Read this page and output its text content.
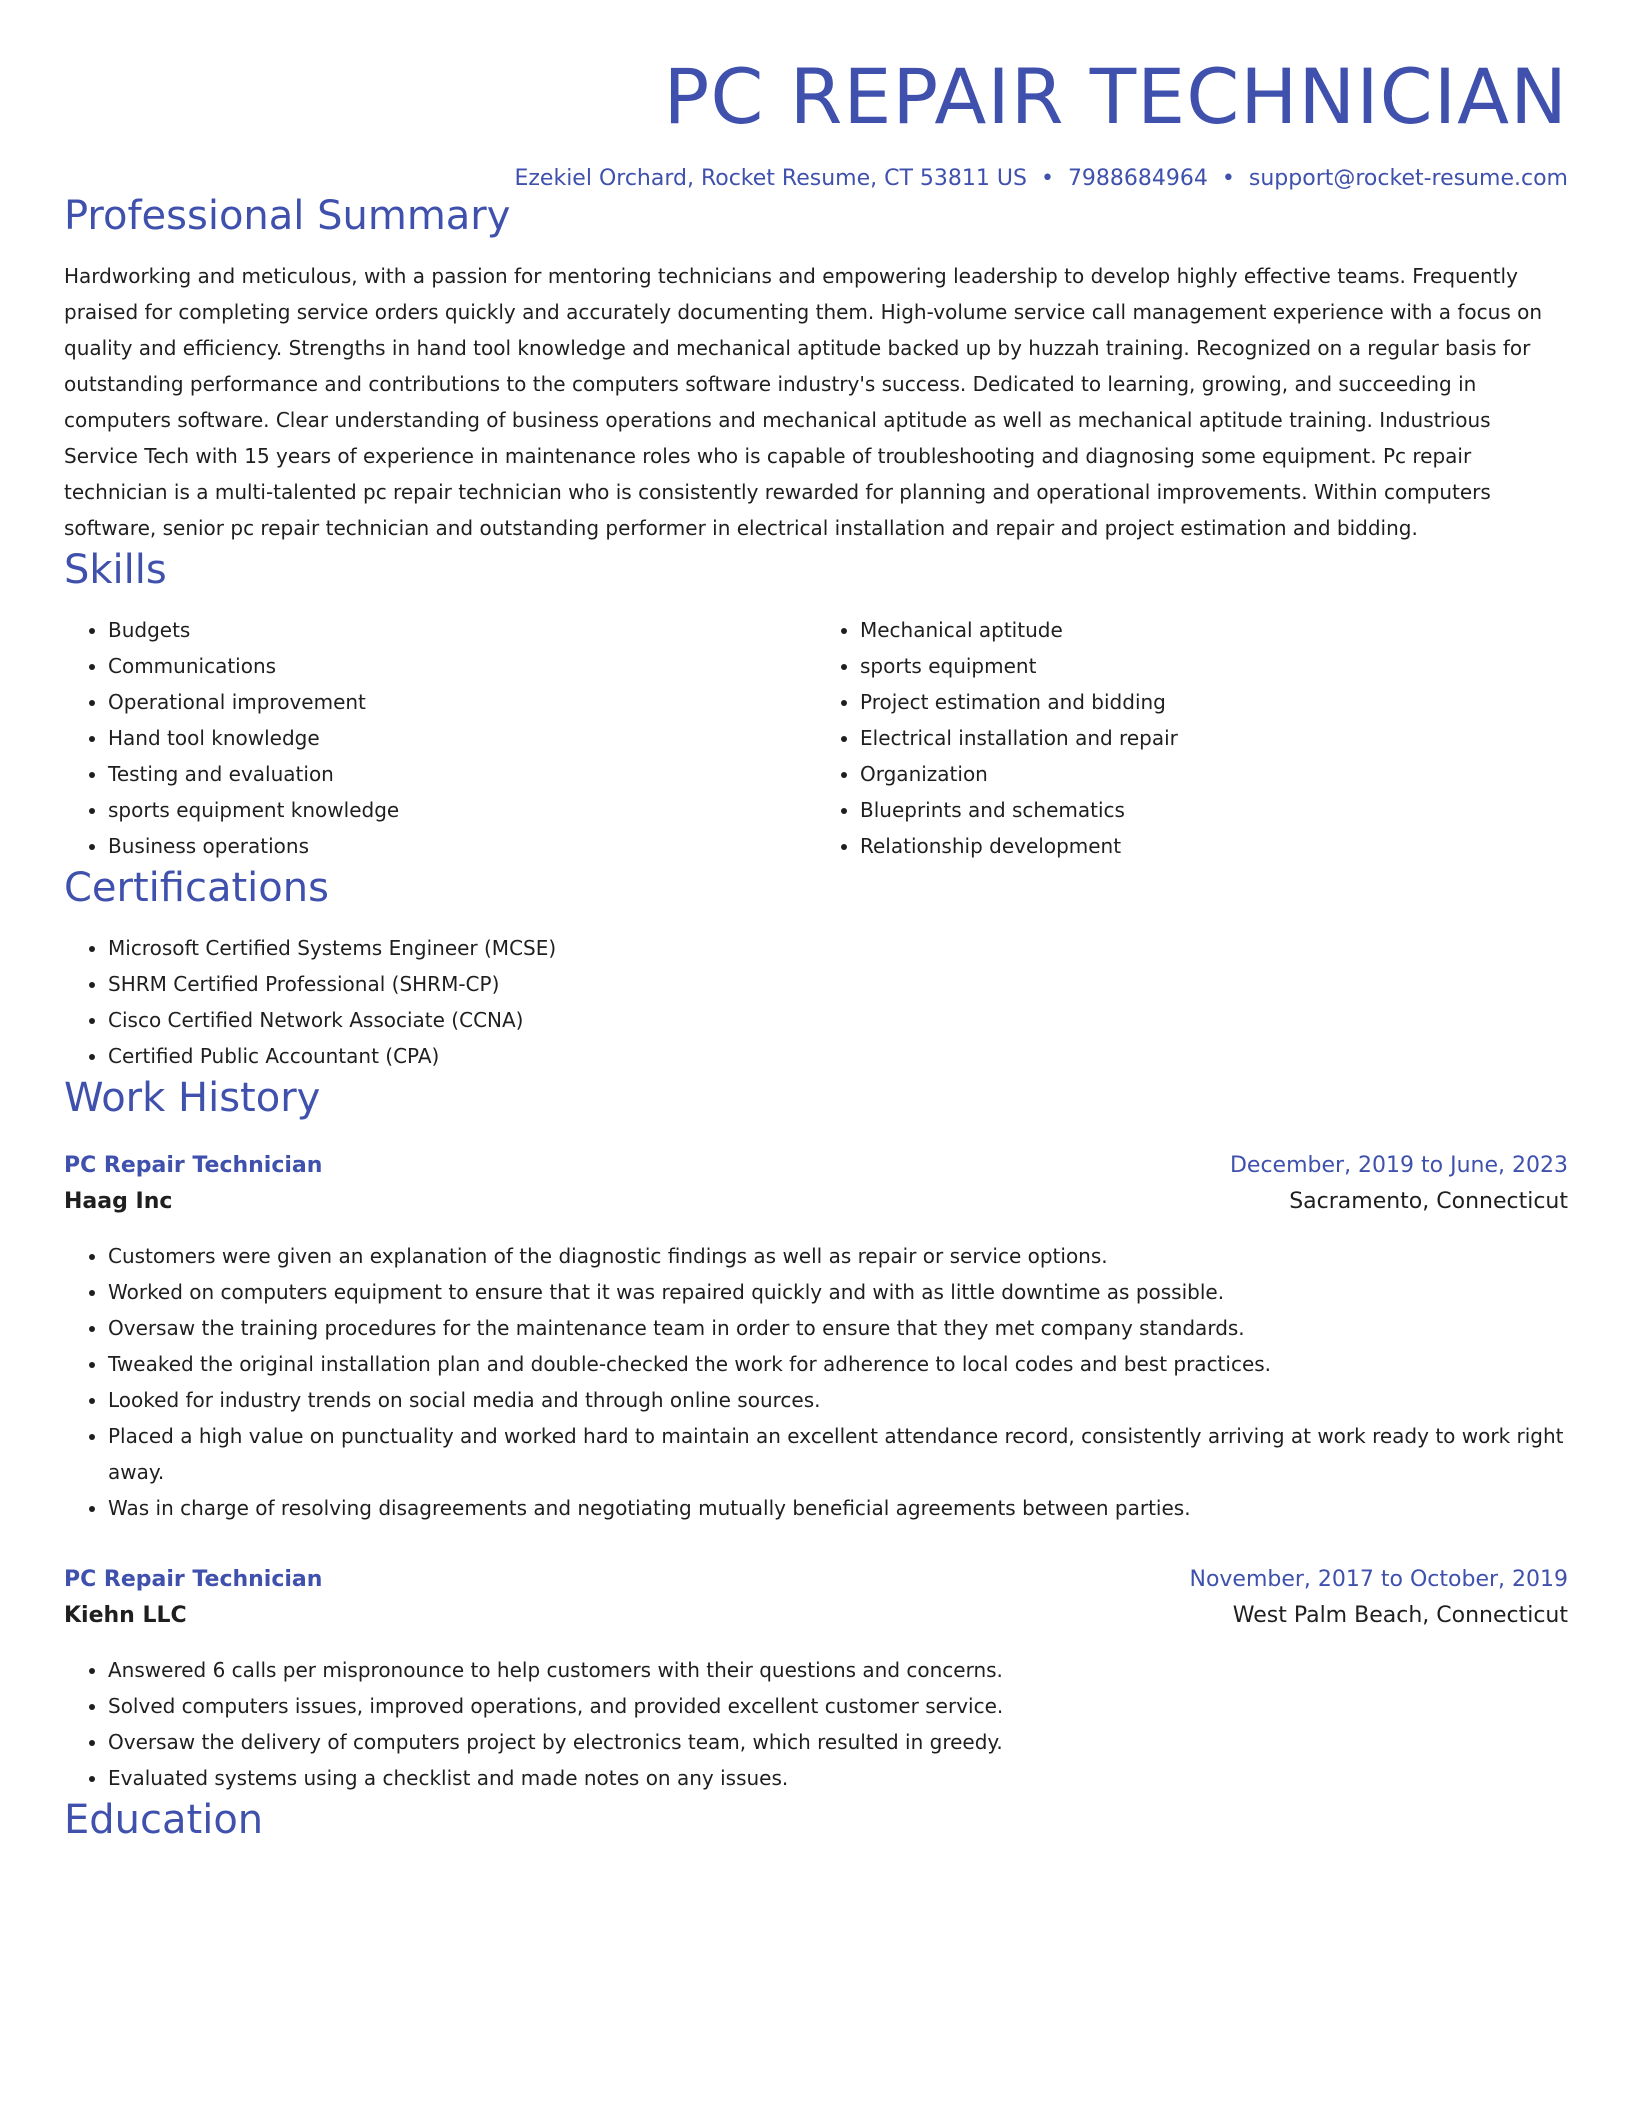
PC REPAIR TECHNICIAN
Ezekiel Orchard, Rocket Resume, CT 53811 US • 7988684964 • support@rocket-resume.com
Professional Summary
Hardworking and meticulous, with a passion for mentoring technicians and empowering leadership to develop highly effective teams. Frequently praised for completing service orders quickly and accurately documenting them. High-volume service call management experience with a focus on quality and efficiency. Strengths in hand tool knowledge and mechanical aptitude backed up by huzzah training. Recognized on a regular basis for outstanding performance and contributions to the computers software industry's success. Dedicated to learning, growing, and succeeding in computers software. Clear understanding of business operations and mechanical aptitude as well as mechanical aptitude training. Industrious Service Tech with 15 years of experience in maintenance roles who is capable of troubleshooting and diagnosing some equipment. Pc repair technician is a multi-talented pc repair technician who is consistently rewarded for planning and operational improvements. Within computers software, senior pc repair technician and outstanding performer in electrical installation and repair and project estimation and bidding.
Skills
• Budgets
• Communications
• Operational improvement
• Hand tool knowledge
• Testing and evaluation
• sports equipment knowledge
• Business operations
• Mechanical aptitude
• sports equipment
• Project estimation and bidding
• Electrical installation and repair
• Organization
• Blueprints and schematics
• Relationship development
Certifications
• Microsoft Certified Systems Engineer (MCSE)
• SHRM Certified Professional (SHRM-CP)
• Cisco Certified Network Associate (CCNA)
• Certified Public Accountant (CPA)
Work History
PC Repair Technician	December, 2019 to June, 2023
Haag Inc	Sacramento, Connecticut
• Customers were given an explanation of the diagnostic findings as well as repair or service options.
• Worked on computers equipment to ensure that it was repaired quickly and with as little downtime as possible.
• Oversaw the training procedures for the maintenance team in order to ensure that they met company standards.
• Tweaked the original installation plan and double-checked the work for adherence to local codes and best practices.
• Looked for industry trends on social media and through online sources.
• Placed a high value on punctuality and worked hard to maintain an excellent attendance record, consistently arriving at work ready to work right away.
• Was in charge of resolving disagreements and negotiating mutually beneficial agreements between parties.
PC Repair Technician	November, 2017 to October, 2019
Kiehn LLC	West Palm Beach, Connecticut
• Answered 6 calls per mispronounce to help customers with their questions and concerns.
• Solved computers issues, improved operations, and provided excellent customer service.
• Oversaw the delivery of computers project by electronics team, which resulted in greedy.
• Evaluated systems using a checklist and made notes on any issues.
Education
